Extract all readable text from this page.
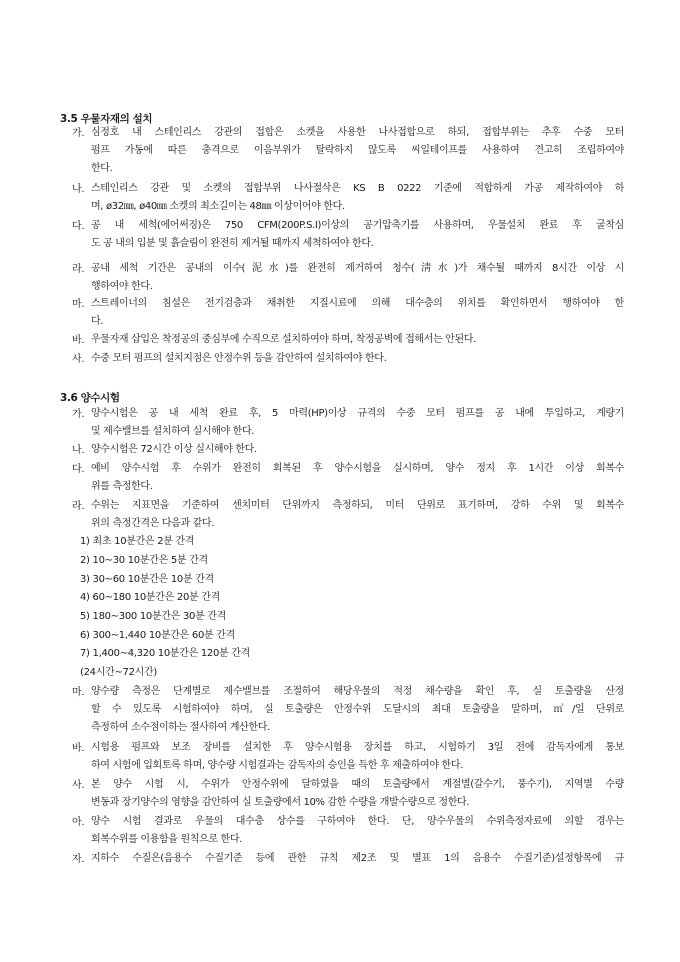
3.5 우물자재의 설치
가. 심정호 내 스테인리스 강관의 접합은 소켓을 사용한 나사접합으로 하되, 접합부위는 추후 수중 모터
펌프 가동에 따른 충격으로 이음부위가 탈락하지 않도록 씨일테이프를 사용하여 견고히 조립하여야
한다.
나. 스테인리스 강관 및 소켓의 접합부위 나사절삭은 KS B 0222 기준에 적합하게 가공 제작하여야 하
며, ø32㎜, ø40㎜ 소켓의 최소길이는 48㎜ 이상이어야 한다.
다. 공 내 세척(에어써징)은 750 CFM(200P.S.I)이상의 공기압축기를 사용하며, 우물설치 완료 후 굴착심
도 공 내의 입분 및 흙슬림이 완전히 제거될 때까지 세척하여야 한다.
라. 공내 세척 기간은 공내의 이수(泥水)를 완전히 제거하여 청수(淸水)가 채수될 때까지 8시간 이상 시
행하여야 한다.
마. 스트레이너의 침설은 전기검층과 채취한 지질시료에 의해 대수층의 위치를 확인하면서 행하여야 한
다.
바. 우물자재 삽입은 착정공의 중심부에 수직으로 설치하여야 하며, 착정공벽에 접해서는 안된다.
사. 수중 모터 펌프의 설치지점은 안정수위 등을 감안하여 설치하여야 한다.
3.6 양수시험
가. 양수시험은 공 내 세척 완료 후, 5 마력(HP)이상 규격의 수중 모터 펌프를 공 내에 투입하고, 계량기
및 제수밸브를 설치하여 실시해야 한다.
나. 양수시험은 72시간 이상 실시해야 한다.
다. 예비 양수시험 후 수위가 완전히 회복된 후 양수시험을 실시하며, 양수 정지 후 1시간 이상 회복수
위를 측정한다.
라. 수위는 지표면을 기준하여 센치미터 단위까지 측정하되, 미터 단위로 표기하며, 강하 수위 및 회복수
위의 측정간격은 다음과 같다.
1) 최초 10분간은 2분 간격
2) 10∼30 10분간은 5분 간격
3) 30∼60 10분간은 10분 간격
4) 60∼180 10분간은 20분 간격
5) 180∼300 10분간은 30분 간격
6) 300∼1,440 10분간은 60분 간격
7) 1,400∼4,320 10분간은 120분 간격
(24시간∼72시간)
마. 양수량 측정은 단계별로 제수밸브를 조절하여 해당우물의 적정 채수량을 확인 후, 실 토출량을 산정
할 수 있도록 시험하여야 하며, 실 토출량은 안정수위 도달시의 최대 토출량을 말하며, ㎥/일 단위로
측정하여 소수점이하는 절사하여 계산한다.
바. 시험용 펌프와 보조 장비를 설치한 후 양수시험용 장치를 하고, 시험하기 3일 전에 감독자에게 통보
하여 시험에 입회토록 하며, 양수량 시험결과는 감독자의 승인을 득한 후 제출하여야 한다.
사. 본 양수 시험 시, 수위가 안정수위에 달하였을 때의 토출량에서 계절별(갈수기, 풍수기), 지역별 수량
변동과 장기양수의 영향을 감안하여 실 토출량에서 10% 감한 수량을 개발수량으로 정한다.
아. 양수 시험 결과로 우물의 대수층 상수를 구하여야 한다. 단, 양수우물의 수위측정자료에 의할 경우는
회복수위를 이용함을 원칙으로 한다.
자. 지하수 수질은(음용수 수질기준 등에 관한 규칙 제2조 및 별표 1의 음용수 수질기준)설정항목에 규
